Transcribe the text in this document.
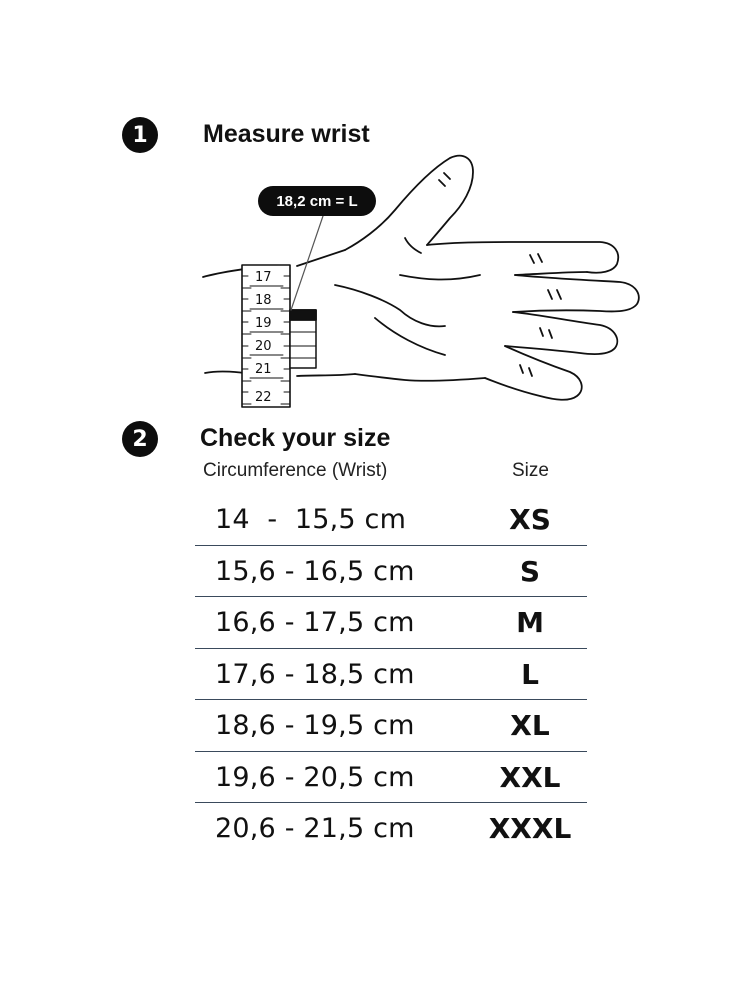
1	Measure wrist
17
18
19
20
21
22
18,2 cm = L
2	Check your size
Circumference (Wrist)	Size
14  -  15,5 cm	XS
15,6 - 16,5 cm	S
16,6 - 17,5 cm	M
17,6 - 18,5 cm	L
18,6 - 19,5 cm	XL
19,6 - 20,5 cm	XXL
20,6 - 21,5 cm	XXXL
